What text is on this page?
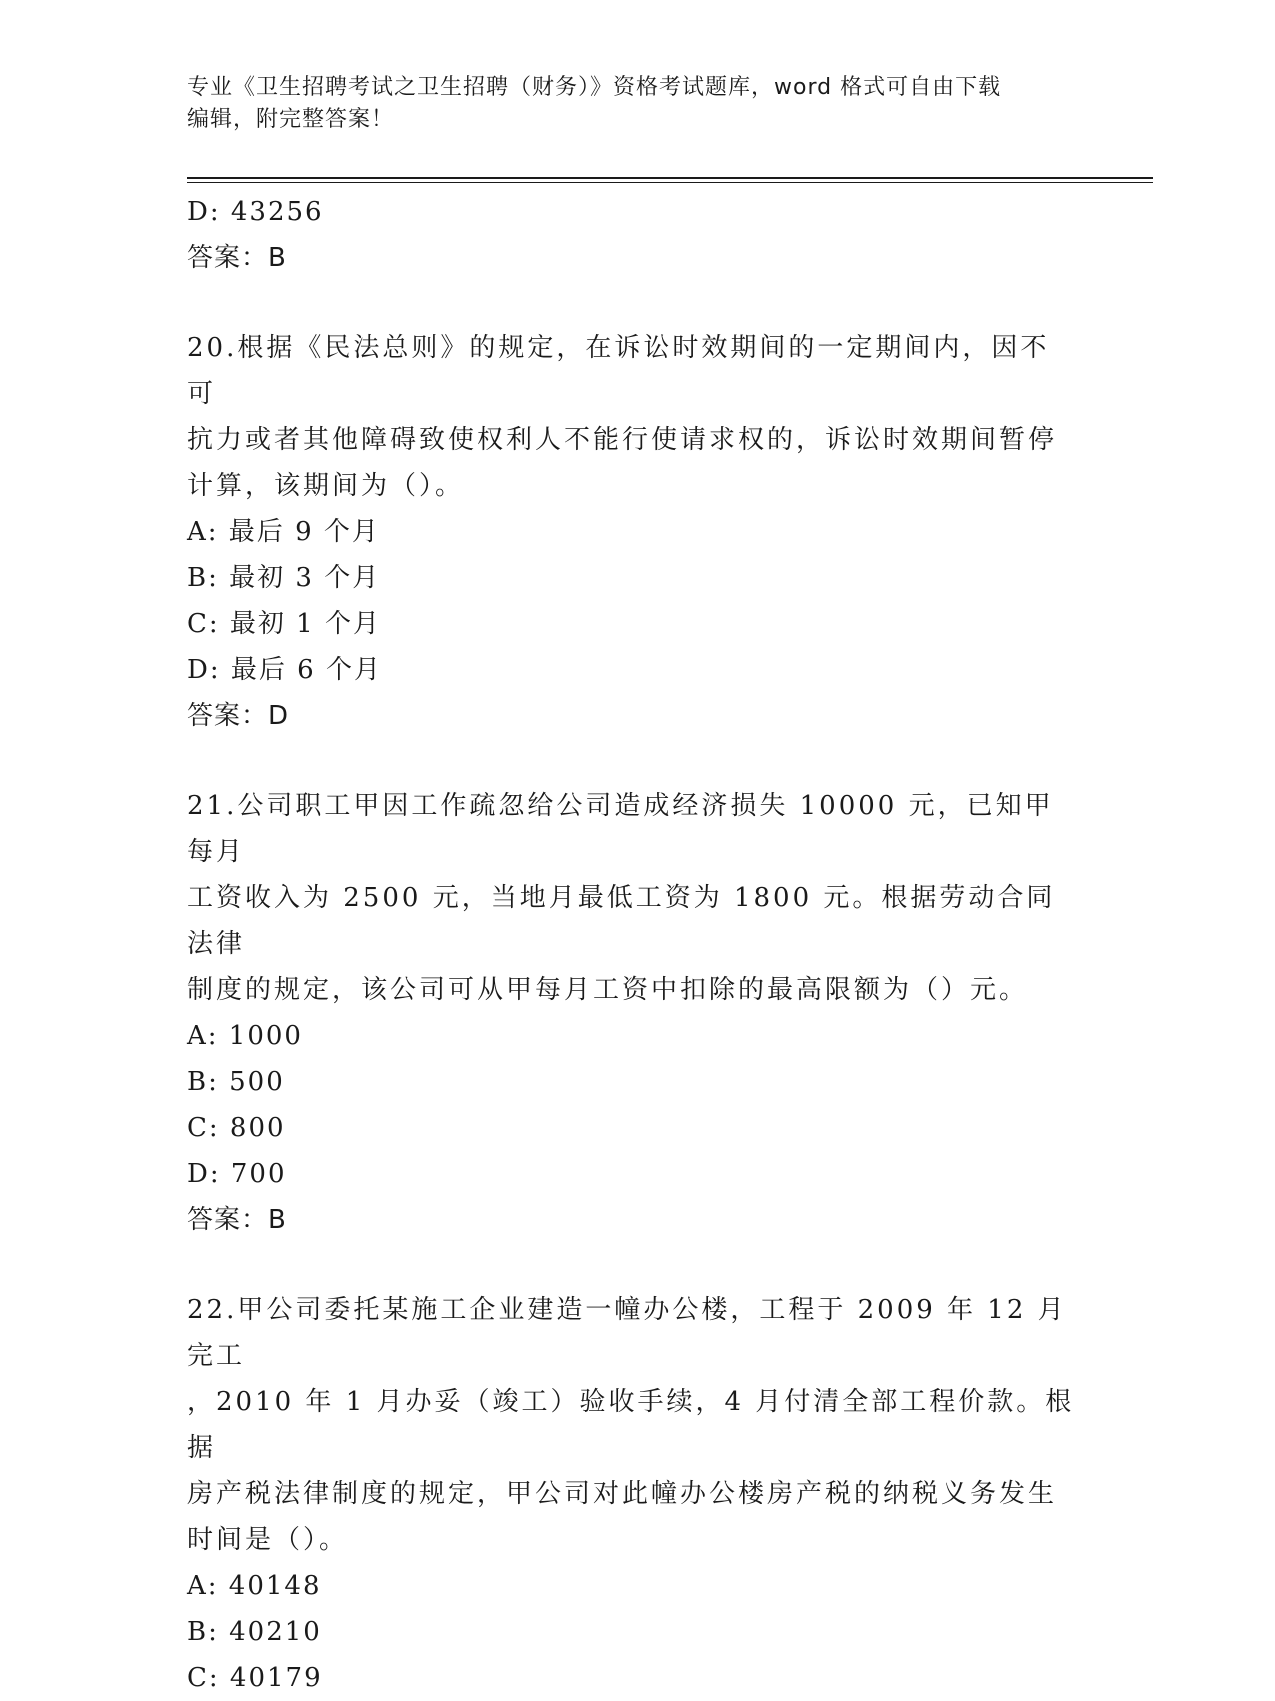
专业《卫生招聘考试之卫生招聘（财务）》资格考试题库，word 格式可自由下载
编辑，附完整答案！
D: 43256
答案：B
20.根据《民法总则》的规定，在诉讼时效期间的一定期间内，因不可
抗力或者其他障碍致使权利人不能行使请求权的，诉讼时效期间暂停
计算，该期间为（）。
A: 最后 9 个月
B: 最初 3 个月
C: 最初 1 个月
D: 最后 6 个月
答案：D
21.公司职工甲因工作疏忽给公司造成经济损失 10000 元，已知甲每月
工资收入为 2500 元，当地月最低工资为 1800 元。根据劳动合同法律
制度的规定，该公司可从甲每月工资中扣除的最高限额为（）元。
A: 1000
B: 500
C: 800
D: 700
答案：B
22.甲公司委托某施工企业建造一幢办公楼，工程于 2009 年 12 月完工
，2010 年 1 月办妥（竣工）验收手续，4 月付清全部工程价款。根据
房产税法律制度的规定，甲公司对此幢办公楼房产税的纳税义务发生
时间是（）。
A: 40148
B: 40210
C: 40179
